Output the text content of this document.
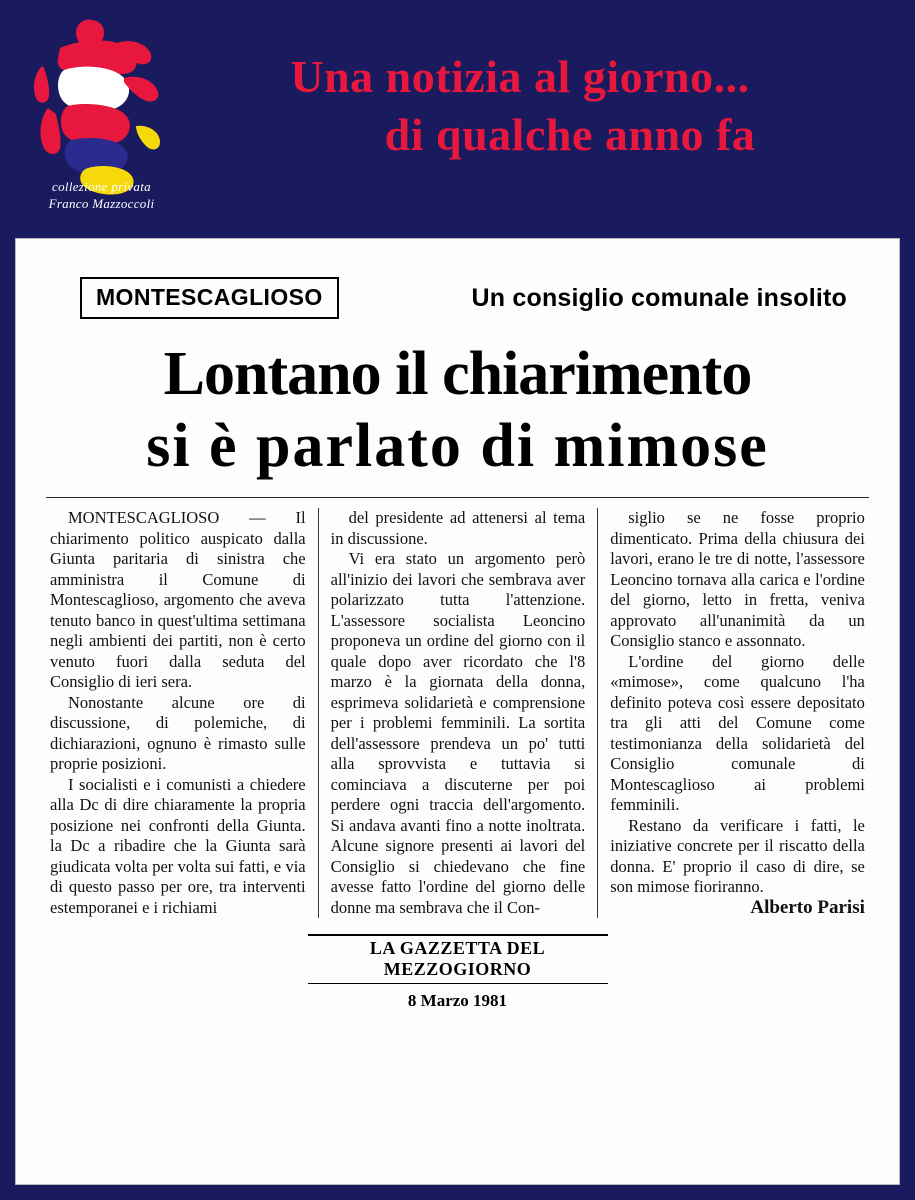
collezione privata
Franco Mazzoccoli
Una notizia al giorno...
di qualche anno fa
MONTESCAGLIOSO	Un consiglio comunale insolito
Lontano il chiarimento
si è parlato di mimose

MONTESCAGLIOSO — Il chiarimento politico auspicato dalla Giunta paritaria di sinistra che amministra il Comune di Montescaglioso, argomento che aveva tenuto banco in quest'ultima settimana negli ambienti dei partiti, non è certo venuto fuori dalla seduta del Consiglio di ieri sera.

Nonostante alcune ore di discussione, di polemiche, di dichiarazioni, ognuno è rimasto sulle proprie posizioni.

I socialisti e i comunisti a chiedere alla Dc di dire chiaramente la propria posizione nei confronti della Giunta. la Dc a ribadire che la Giunta sarà giudicata volta per volta sui fatti, e via di questo passo per ore, tra interventi estemporanei e i richiami

del presidente ad attenersi al tema in discussione.

Vi era stato un argomento però all'inizio dei lavori che sembrava aver polarizzato tutta l'attenzione. L'assessore socialista Leoncino proponeva un ordine del giorno con il quale dopo aver ricordato che l'8 marzo è la giornata della donna, esprimeva solidarietà e comprensione per i problemi femminili. La sortita dell'assessore prendeva un po' tutti alla sprovvista e tuttavia si cominciava a discuterne per poi perdere ogni traccia dell'argomento. Si andava avanti fino a notte inoltrata. Alcune signore presenti ai lavori del Consiglio si chiedevano che fine avesse fatto l'ordine del giorno delle donne ma sembrava che il Con-

siglio se ne fosse proprio dimenticato. Prima della chiusura dei lavori, erano le tre di notte, l'assessore Leoncino tornava alla carica e l'ordine del giorno, letto in fretta, veniva approvato all'unanimità da un Consiglio stanco e assonnato.

L'ordine del giorno delle «mimose», come qualcuno l'ha definito poteva così essere depositato tra gli atti del Comune come testimonianza della solidarietà del Consiglio comunale di Montescaglioso ai problemi femminili.

Restano da verificare i fatti, le iniziative concrete per il riscatto della donna. E' proprio il caso di dire, se son mimose fioriranno.

Alberto Parisi

LA GAZZETTA DEL MEZZOGIORNO
8 Marzo 1981
